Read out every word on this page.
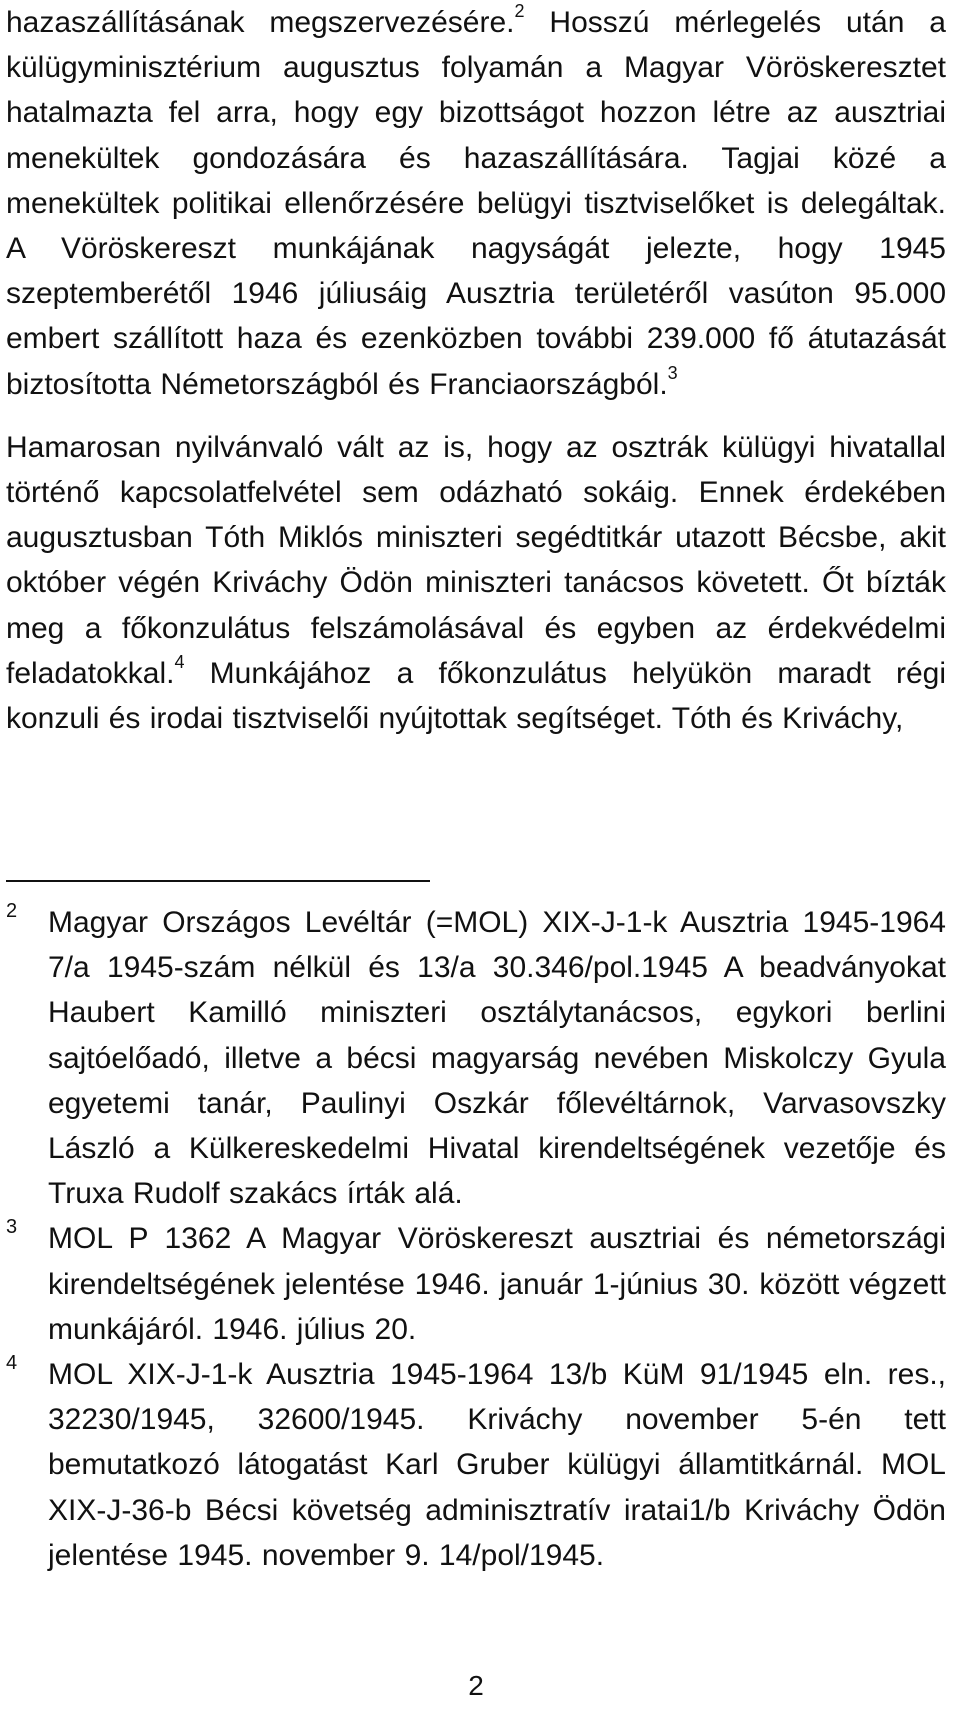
hazaszállításának megszervezésére.$^2$ Hosszú mérlegelés után a külügyminisztérium augusztus folyamán a Magyar Vöröskeresztet hatalmazta fel arra, hogy egy bizottságot hozzon létre az ausztriai menekültek gondozására és hazaszállítására. Tagjai közé a menekültek politikai ellenőrzésére belügyi tisztviselőket is delegáltak. A Vöröskereszt munkájának nagyságát jelezte, hogy 1945 szeptemberétől 1946 júliusáig Ausztria területéről vasúton 95.000 embert szállított haza és ezenközben további 239.000 fő átutazását biztosította Németországból és Franciaországból.$^3$

Hamarosan nyilvánvaló vált az is, hogy az osztrák külügyi hivatallal történő kapcsolatfelvétel sem odázható sokáig. Ennek érdekében augusztusban Tóth Miklós miniszteri segédtitkár utazott Bécsbe, akit október végén Kriváchy Ödön miniszteri tanácsos követett. Őt bízták meg a főkonzulátus felszámolásával és egyben az érdekvédelmi feladatokkal.$^4$ Munkájához a főkonzulátus helyükön maradt régi konzuli és irodai tisztviselői nyújtottak segítséget. Tóth és Kriváchy,

2 Magyar Országos Levéltár (=MOL) XIX-J-1-k Ausztria 1945-1964 7/a 1945-szám nélkül és 13/a 30.346/pol.1945 A beadványokat Haubert Kamilló miniszteri osztálytanácsos, egykori berlini sajtóelőadó, illetve a bécsi magyarság nevében Miskolczy Gyula egyetemi tanár, Paulinyi Oszkár főlevéltárnok, Varvasovszky László a Külkereskedelmi Hivatal kirendeltségének vezetője és Truxa Rudolf szakács írták alá.

3 MOL P 1362 A Magyar Vöröskereszt ausztriai és németországi kirendeltségének jelentése 1946. január 1-június 30. között végzett munkájáról. 1946. július 20.

4 MOL XIX-J-1-k Ausztria 1945-1964 13/b KüM 91/1945 eln. res., 32230/1945, 32600/1945. Kriváchy november 5-én tett bemutatkozó látogatást Karl Gruber külügyi államtitkárnál. MOL XIX-J-36-b Bécsi követség adminisztratív iratai1/b Kriváchy Ödön jelentése 1945. november 9. 14/pol/1945.

2
